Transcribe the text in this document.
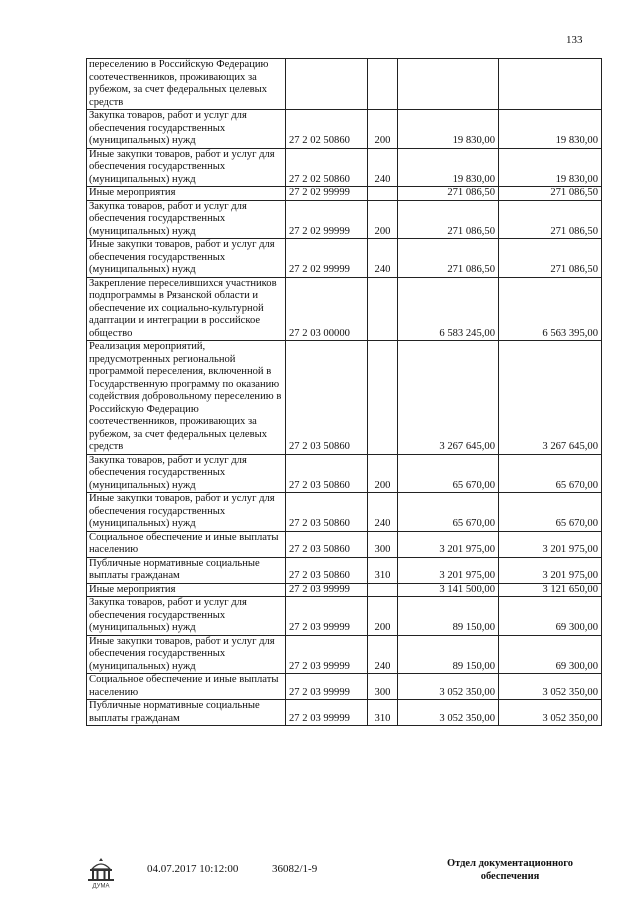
133
переселению в Российскую Федерацию соотечественников, проживающих за рубежом, за счет федеральных целевых средств				
Закупка товаров, работ и услуг для обеспечения государственных (муниципальных) нужд	27 2 02 50860	200	19 830,00	19 830,00
Иные закупки товаров, работ и услуг для обеспечения государственных (муниципальных) нужд	27 2 02 50860	240	19 830,00	19 830,00
Иные мероприятия	27 2 02 99999		271 086,50	271 086,50
Закупка товаров, работ и услуг для обеспечения государственных (муниципальных) нужд	27 2 02 99999	200	271 086,50	271 086,50
Иные закупки товаров, работ и услуг для обеспечения государственных (муниципальных) нужд	27 2 02 99999	240	271 086,50	271 086,50
Закрепление переселившихся участников подпрограммы в Рязанской области и обеспечение их социально-культурной адаптации и интеграции в российское общество	27 2 03 00000		6 583 245,00	6 563 395,00
Реализация мероприятий, предусмотренных региональной программой переселения, включенной в Государственную программу по оказанию содействия добровольному переселению в Российскую Федерацию соотечественников, проживающих за рубежом, за счет федеральных целевых средств	27 2 03 50860		3 267 645,00	3 267 645,00
Закупка товаров, работ и услуг для обеспечения государственных (муниципальных) нужд	27 2 03 50860	200	65 670,00	65 670,00
Иные закупки товаров, работ и услуг для обеспечения государственных (муниципальных) нужд	27 2 03 50860	240	65 670,00	65 670,00
Социальное обеспечение и иные выплаты населению	27 2 03 50860	300	3 201 975,00	3 201 975,00
Публичные нормативные социальные выплаты гражданам	27 2 03 50860	310	3 201 975,00	3 201 975,00
Иные мероприятия	27 2 03 99999		3 141 500,00	3 121 650,00
Закупка товаров, работ и услуг для обеспечения государственных (муниципальных) нужд	27 2 03 99999	200	89 150,00	69 300,00
Иные закупки товаров, работ и услуг для обеспечения государственных (муниципальных) нужд	27 2 03 99999	240	89 150,00	69 300,00
Социальное обеспечение и иные выплаты населению	27 2 03 99999	300	3 052 350,00	3 052 350,00
Публичные нормативные социальные выплаты гражданам	27 2 03 99999	310	3 052 350,00	3 052 350,00
ДУМА
04.07.2017 10:12:00	36082/1-9	Отдел документационного обеспечения
